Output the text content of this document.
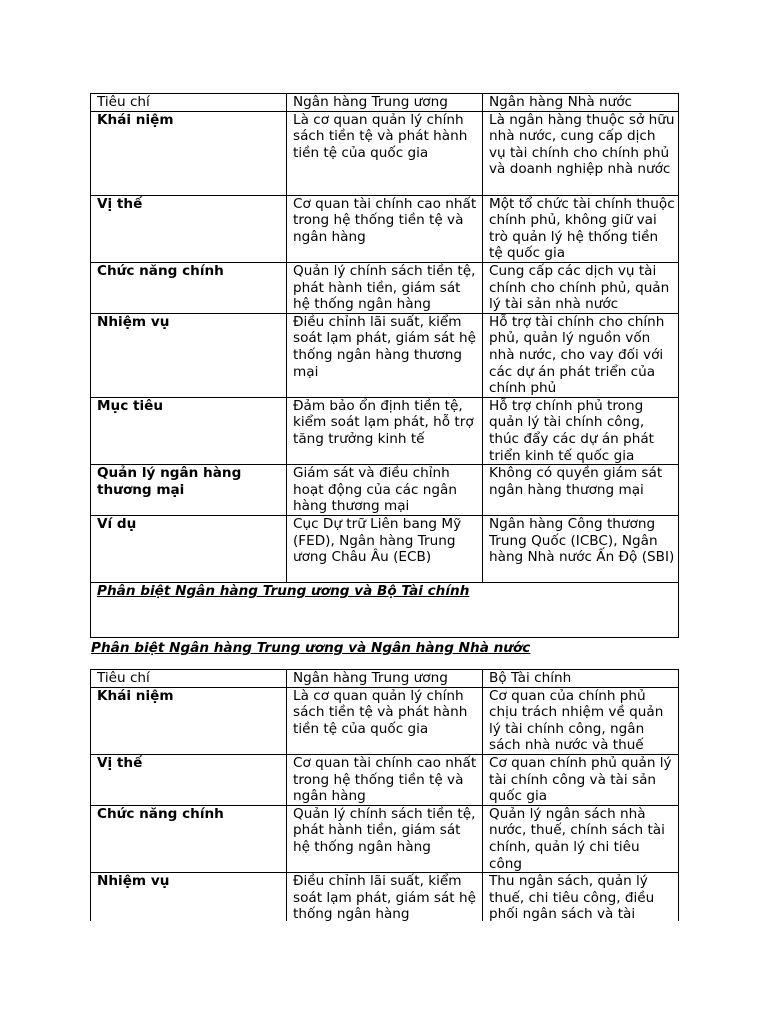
Tiêu chí	Ngân hàng Trung ương	Ngân hàng Nhà nước
Khái niệm	Là cơ quan quản lý chính sách tiền tệ và phát hành tiền tệ của quốc gia	Là ngân hàng thuộc sở hữu nhà nước, cung cấp dịch vụ tài chính cho chính phủ và doanh nghiệp nhà nước
Vị thế	Cơ quan tài chính cao nhất trong hệ thống tiền tệ và ngân hàng	Một tổ chức tài chính thuộc chính phủ, không giữ vai trò quản lý hệ thống tiền tệ quốc gia
Chức năng chính	Quản lý chính sách tiền tệ, phát hành tiền, giám sát hệ thống ngân hàng	Cung cấp các dịch vụ tài chính cho chính phủ, quản lý tài sản nhà nước
Nhiệm vụ	Điều chỉnh lãi suất, kiểm soát lạm phát, giám sát hệ thống ngân hàng thương mại	Hỗ trợ tài chính cho chính phủ, quản lý nguồn vốn nhà nước, cho vay đối với các dự án phát triển của chính phủ
Mục tiêu	Đảm bảo ổn định tiền tệ, kiểm soát lạm phát, hỗ trợ tăng trưởng kinh tế	Hỗ trợ chính phủ trong quản lý tài chính công, thúc đẩy các dự án phát triển kinh tế quốc gia
Quản lý ngân hàng thương mại	Giám sát và điều chỉnh hoạt động của các ngân hàng thương mại	Không có quyền giám sát ngân hàng thương mại
Ví dụ	Cục Dự trữ Liên bang Mỹ (FED), Ngân hàng Trung ương Châu Âu (ECB)	Ngân hàng Công thương Trung Quốc (ICBC), Ngân hàng Nhà nước Ấn Độ (SBI)
Phân biệt Ngân hàng Trung ương và Bộ Tài chính		
Phân biệt Ngân hàng Trung ương và Ngân hàng Nhà nước
Tiêu chí	Ngân hàng Trung ương	Bộ Tài chính
Khái niệm	Là cơ quan quản lý chính sách tiền tệ và phát hành tiền tệ của quốc gia	Cơ quan của chính phủ chịu trách nhiệm về quản lý tài chính công, ngân sách nhà nước và thuế
Vị thế	Cơ quan tài chính cao nhất trong hệ thống tiền tệ và ngân hàng	Cơ quan chính phủ quản lý tài chính công và tài sản quốc gia
Chức năng chính	Quản lý chính sách tiền tệ, phát hành tiền, giám sát hệ thống ngân hàng	Quản lý ngân sách nhà nước, thuế, chính sách tài chính, quản lý chi tiêu công
Nhiệm vụ	Điều chỉnh lãi suất, kiểm soát lạm phát, giám sát hệ thống ngân hàng	Thu ngân sách, quản lý thuế, chi tiêu công, điều phối ngân sách và tài
